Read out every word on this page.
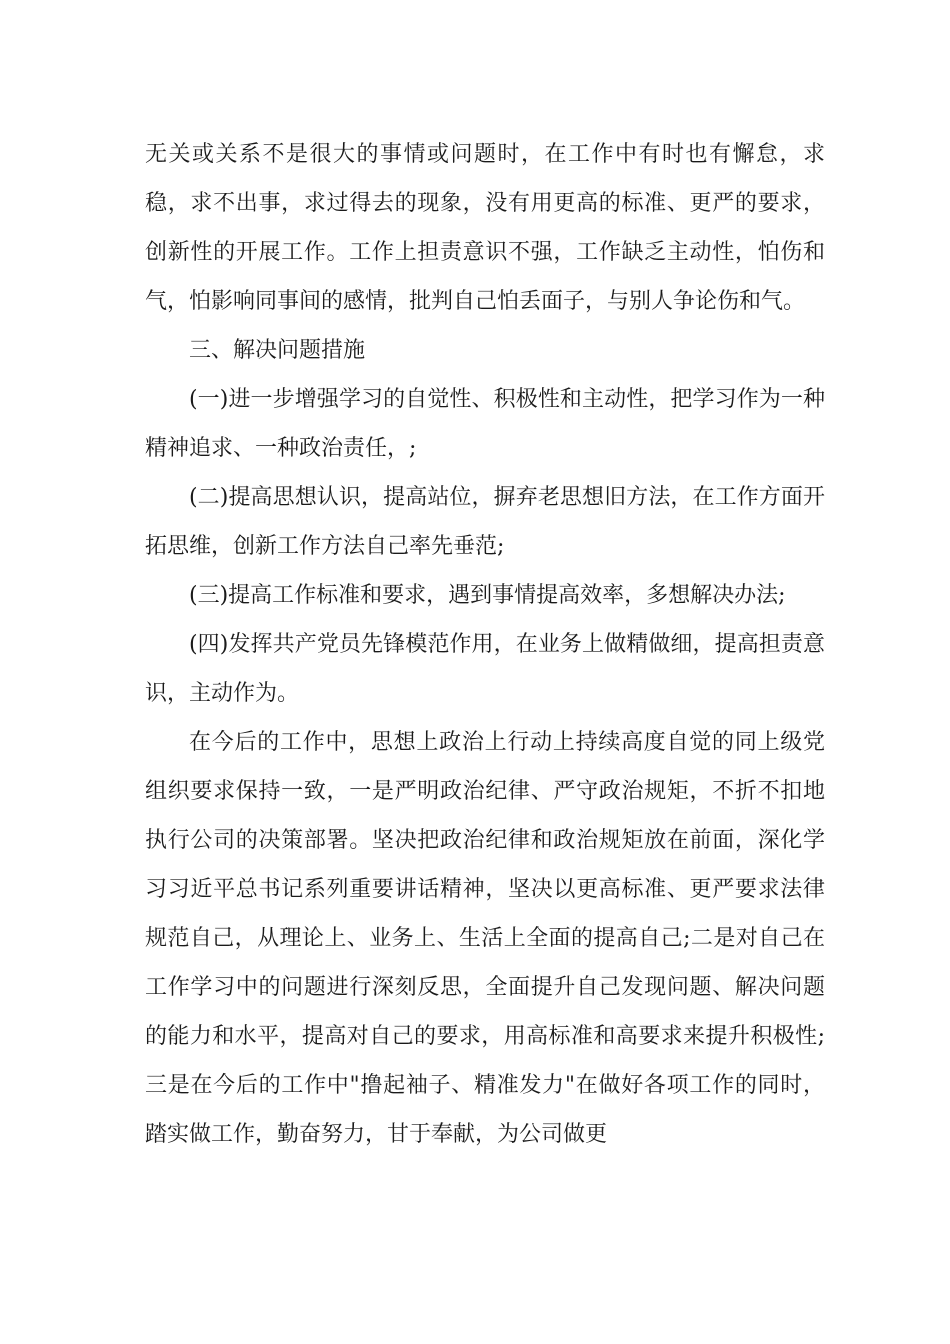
无关或关系不是很大的事情或问题时，在工作中有时也有懈怠，求稳，求不出事，求过得去的现象，没有用更高的标准、更严的要求，创新性的开展工作。工作上担责意识不强，工作缺乏主动性，怕伤和气，怕影响同事间的感情，批判自己怕丢面子，与别人争论伤和气。

三、解决问题措施

(一)进一步增强学习的自觉性、积极性和主动性，把学习作为一种精神追求、一种政治责任，;

(二)提高思想认识，提高站位，摒弃老思想旧方法，在工作方面开拓思维，创新工作方法自己率先垂范;

(三)提高工作标准和要求，遇到事情提高效率，多想解决办法;

(四)发挥共产党员先锋模范作用，在业务上做精做细，提高担责意识，主动作为。

在今后的工作中，思想上政治上行动上持续高度自觉的同上级党组织要求保持一致，一是严明政治纪律、严守政治规矩，不折不扣地执行公司的决策部署。坚决把政治纪律和政治规矩放在前面，深化学习习近平总书记系列重要讲话精神，坚决以更高标准、更严要求法律规范自己，从理论上、业务上、生活上全面的提高自己;二是对自己在工作学习中的问题进行深刻反思，全面提升自己发现问题、解决问题的能力和水平，提高对自己的要求，用高标准和高要求来提升积极性;三是在今后的工作中"撸起袖子、精准发力"在做好各项工作的同时，踏实做工作，勤奋努力，甘于奉献，为公司做更
